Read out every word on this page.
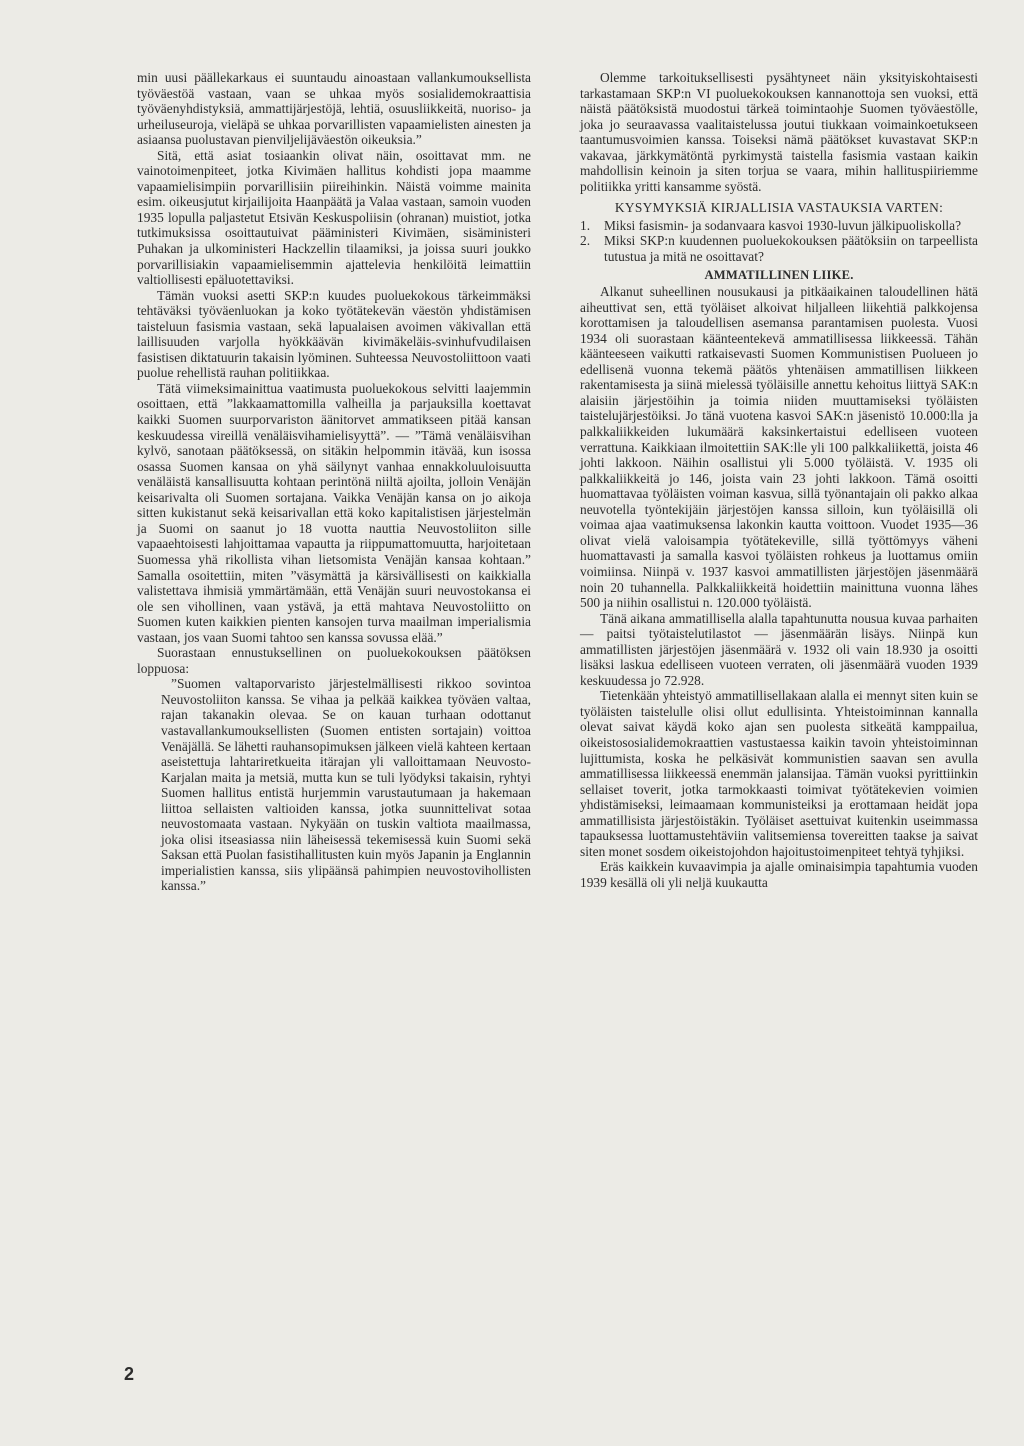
min uusi päällekarkaus ei suuntaudu ainoastaan vallankumouksellista työväestöä vastaan, vaan se uhkaa myös sosialidemokraattisia työväenyhdistyksiä, ammattijärjestöjä, lehtiä, osuusliikkeitä, nuoriso- ja urheiluseuroja, vieläpä se uhkaa porvarillisten vapaamielisten ainesten ja asiaansa puolustavan pienviljelijäväestön oikeuksia.”

Sitä, että asiat tosiaankin olivat näin, osoittavat mm. ne vainotoimenpiteet, jotka Kivimäen hallitus kohdisti jopa maamme vapaamielisimpiin porvarillisiin piireihinkin. Näistä voimme mainita esim. oikeusjutut kirjailijoita Haanpäätä ja Valaa vastaan, samoin vuoden 1935 lopulla paljastetut Etsivän Keskuspoliisin (ohranan) muistiot, jotka tutkimuksissa osoittautuivat pääministeri Kivimäen, sisäministeri Puhakan ja ulkoministeri Hackzellin tilaamiksi, ja joissa suuri joukko porvarillisiakin vapaamielisemmin ajattelevia henkilöitä leimattiin valtiollisesti epäluotettaviksi.

Tämän vuoksi asetti SKP:n kuudes puoluekokous tärkeimmäksi tehtäväksi työväenluokan ja koko työtätekevän väestön yhdistämisen taisteluun fasismia vastaan, sekä lapualaisen avoimen väkivallan että laillisuuden varjolla hyökkäävän kivimäkeläis-svinhufvudilaisen fasistisen diktatuurin takaisin lyöminen. Suhteessa Neuvostoliittoon vaati puolue rehellistä rauhan politiikkaa.

Tätä viimeksimainittua vaatimusta puoluekokous selvitti laajemmin osoittaen, että ”lakkaamattomilla valheilla ja parjauksilla koettavat kaikki Suomen suurporvariston äänitorvet ammatikseen pitää kansan keskuudessa vireillä venäläisvihamielisyyttä”. — ”Tämä venäläisvihan kylvö, sanotaan päätöksessä, on sitäkin helpommin itävää, kun isossa osassa Suomen kansaa on yhä säilynyt vanhaa ennakkoluuloisuutta venäläistä kansallisuutta kohtaan perintönä niiltä ajoilta, jolloin Venäjän keisarivalta oli Suomen sortajana. Vaikka Venäjän kansa on jo aikoja sitten kukistanut sekä keisarivallan että koko kapitalistisen järjestelmän ja Suomi on saanut jo 18 vuotta nauttia Neuvostoliiton sille vapaaehtoisesti lahjoittamaa vapautta ja riippumattomuutta, harjoitetaan Suomessa yhä rikollista vihan lietsomista Venäjän kansaa kohtaan.” Samalla osoitettiin, miten ”väsymättä ja kärsivällisesti on kaikkialla valistettava ihmisiä ymmärtämään, että Venäjän suuri neuvostokansa ei ole sen vihollinen, vaan ystävä, ja että mahtava Neuvostoliitto on Suomen kuten kaikkien pienten kansojen turva maailman imperialismia vastaan, jos vaan Suomi tahtoo sen kanssa sovussa elää.”

Suorastaan ennustuksellinen on puoluekokouksen päätöksen loppuosa:

”Suomen valtaporvaristo järjestelmällisesti rikkoo sovintoa Neuvostoliiton kanssa. Se vihaa ja pelkää kaikkea työväen valtaa, rajan takanakin olevaa. Se on kauan turhaan odottanut vastavallankumouksellisten (Suomen entisten sortajain) voittoa Venäjällä. Se lähetti rauhansopimuksen jälkeen vielä kahteen kertaan aseistettuja lahtariretkueita itärajan yli valloittamaan Neuvosto-Karjalan maita ja metsiä, mutta kun se tuli lyödyksi takaisin, ryhtyi Suomen hallitus entistä hurjemmin varustautumaan ja hakemaan liittoa sellaisten valtioiden kanssa, jotka suunnittelivat sotaa neuvostomaata vastaan. Nykyään on tuskin valtiota maailmassa, joka olisi itseasiassa niin läheisessä tekemisessä kuin Suomi sekä Saksan että Puolan fasistihallitusten kuin myös Japanin ja Englannin imperialistien kanssa, siis ylipäänsä pahimpien neuvostovihollisten kanssa.”

Olemme tarkoituksellisesti pysähtyneet näin yksityiskohtaisesti tarkastamaan SKP:n VI puoluekokouksen kannanottoja sen vuoksi, että näistä päätöksistä muodostui tärkeä toimintaohje Suomen työväestölle, joka jo seuraavassa vaalitaistelussa joutui tiukkaan voimainkoetukseen taantumusvoimien kanssa. Toiseksi nämä päätökset kuvastavat SKP:n vakavaa, järkkymätöntä pyrkimystä taistella fasismia vastaan kaikin mahdollisin keinoin ja siten torjua se vaara, mihin hallituspiiriemme politiikka yritti kansamme syöstä.

KYSYMYKSIÄ KIRJALLISIA VASTAUKSIA VARTEN:
1. Miksi fasismin- ja sodanvaara kasvoi 1930-luvun jälkipuoliskolla?
2. Miksi SKP:n kuudennen puoluekokouksen päätöksiin on tarpeellista tutustua ja mitä ne osoittavat?
AMMATILLINEN LIIKE.

Alkanut suheellinen nousukausi ja pitkäaikainen taloudellinen hätä aiheuttivat sen, että työläiset alkoivat hiljalleen liikehtiä palkkojensa korottamisen ja taloudellisen asemansa parantamisen puolesta. Vuosi 1934 oli suorastaan käänteentekevä ammatillisessa liikkeessä. Tähän käänteeseen vaikutti ratkaisevasti Suomen Kommunistisen Puolueen jo edellisenä vuonna tekemä päätös yhtenäisen ammatillisen liikkeen rakentamisesta ja siinä mielessä työläisille annettu kehoitus liittyä SAK:n alaisiin järjestöihin ja toimia niiden muuttamiseksi työläisten taistelujärjestöiksi. Jo tänä vuotena kasvoi SAK:n jäsenistö 10.000:lla ja palkkaliikkeiden lukumäärä kaksinkertaistui edelliseen vuoteen verrattuna. Kaikkiaan ilmoitettiin SAK:lle yli 100 palkkaliikettä, joista 46 johti lakkoon. Näihin osallistui yli 5.000 työläistä. V. 1935 oli palkkaliikkeitä jo 146, joista vain 23 johti lakkoon. Tämä osoitti huomattavaa työläisten voiman kasvua, sillä työnantajain oli pakko alkaa neuvotella työntekijäin järjestöjen kanssa silloin, kun työläisillä oli voimaa ajaa vaatimuksensa lakonkin kautta voittoon. Vuodet 1935—36 olivat vielä valoisampia työtätekeville, sillä työttömyys väheni huomattavasti ja samalla kasvoi työläisten rohkeus ja luottamus omiin voimiinsa. Niinpä v. 1937 kasvoi ammatillisten järjestöjen jäsenmäärä noin 20 tuhannella. Palkkaliikkeitä hoidettiin mainittuna vuonna lähes 500 ja niihin osallistui n. 120.000 työläistä.

Tänä aikana ammatillisella alalla tapahtunutta nousua kuvaa parhaiten — paitsi työtaistelutilastot — jäsenmäärän lisäys. Niinpä kun ammatillisten järjestöjen jäsenmäärä v. 1932 oli vain 18.930 ja osoitti lisäksi laskua edelliseen vuoteen verraten, oli jäsenmäärä vuoden 1939 keskuudessa jo 72.928.

Tietenkään yhteistyö ammatillisellakaan alalla ei mennyt siten kuin se työläisten taistelulle olisi ollut edullisinta. Yhteistoiminnan kannalla olevat saivat käydä koko ajan sen puolesta sitkeätä kamppailua, oikeistososialidemokraattien vastustaessa kaikin tavoin yhteistoiminnan lujittumista, koska he pelkäsivät kommunistien saavan sen avulla ammatillisessa liikkeessä enemmän jalansijaa. Tämän vuoksi pyrittiinkin sellaiset toverit, jotka tarmokkaasti toimivat työtätekevien voimien yhdistämiseksi, leimaamaan kommunisteiksi ja erottamaan heidät jopa ammatillisista järjestöistäkin. Työläiset asettuivat kuitenkin useimmassa tapauksessa luottamustehtäviin valitsemiensa tovereitten taakse ja saivat siten monet sosdem oikeistojohdon hajoitustoimenpiteet tehtyä tyhjiksi.

Eräs kaikkein kuvaavimpia ja ajalle ominaisimpia tapahtumia vuoden 1939 kesällä oli yli neljä kuukautta

2
